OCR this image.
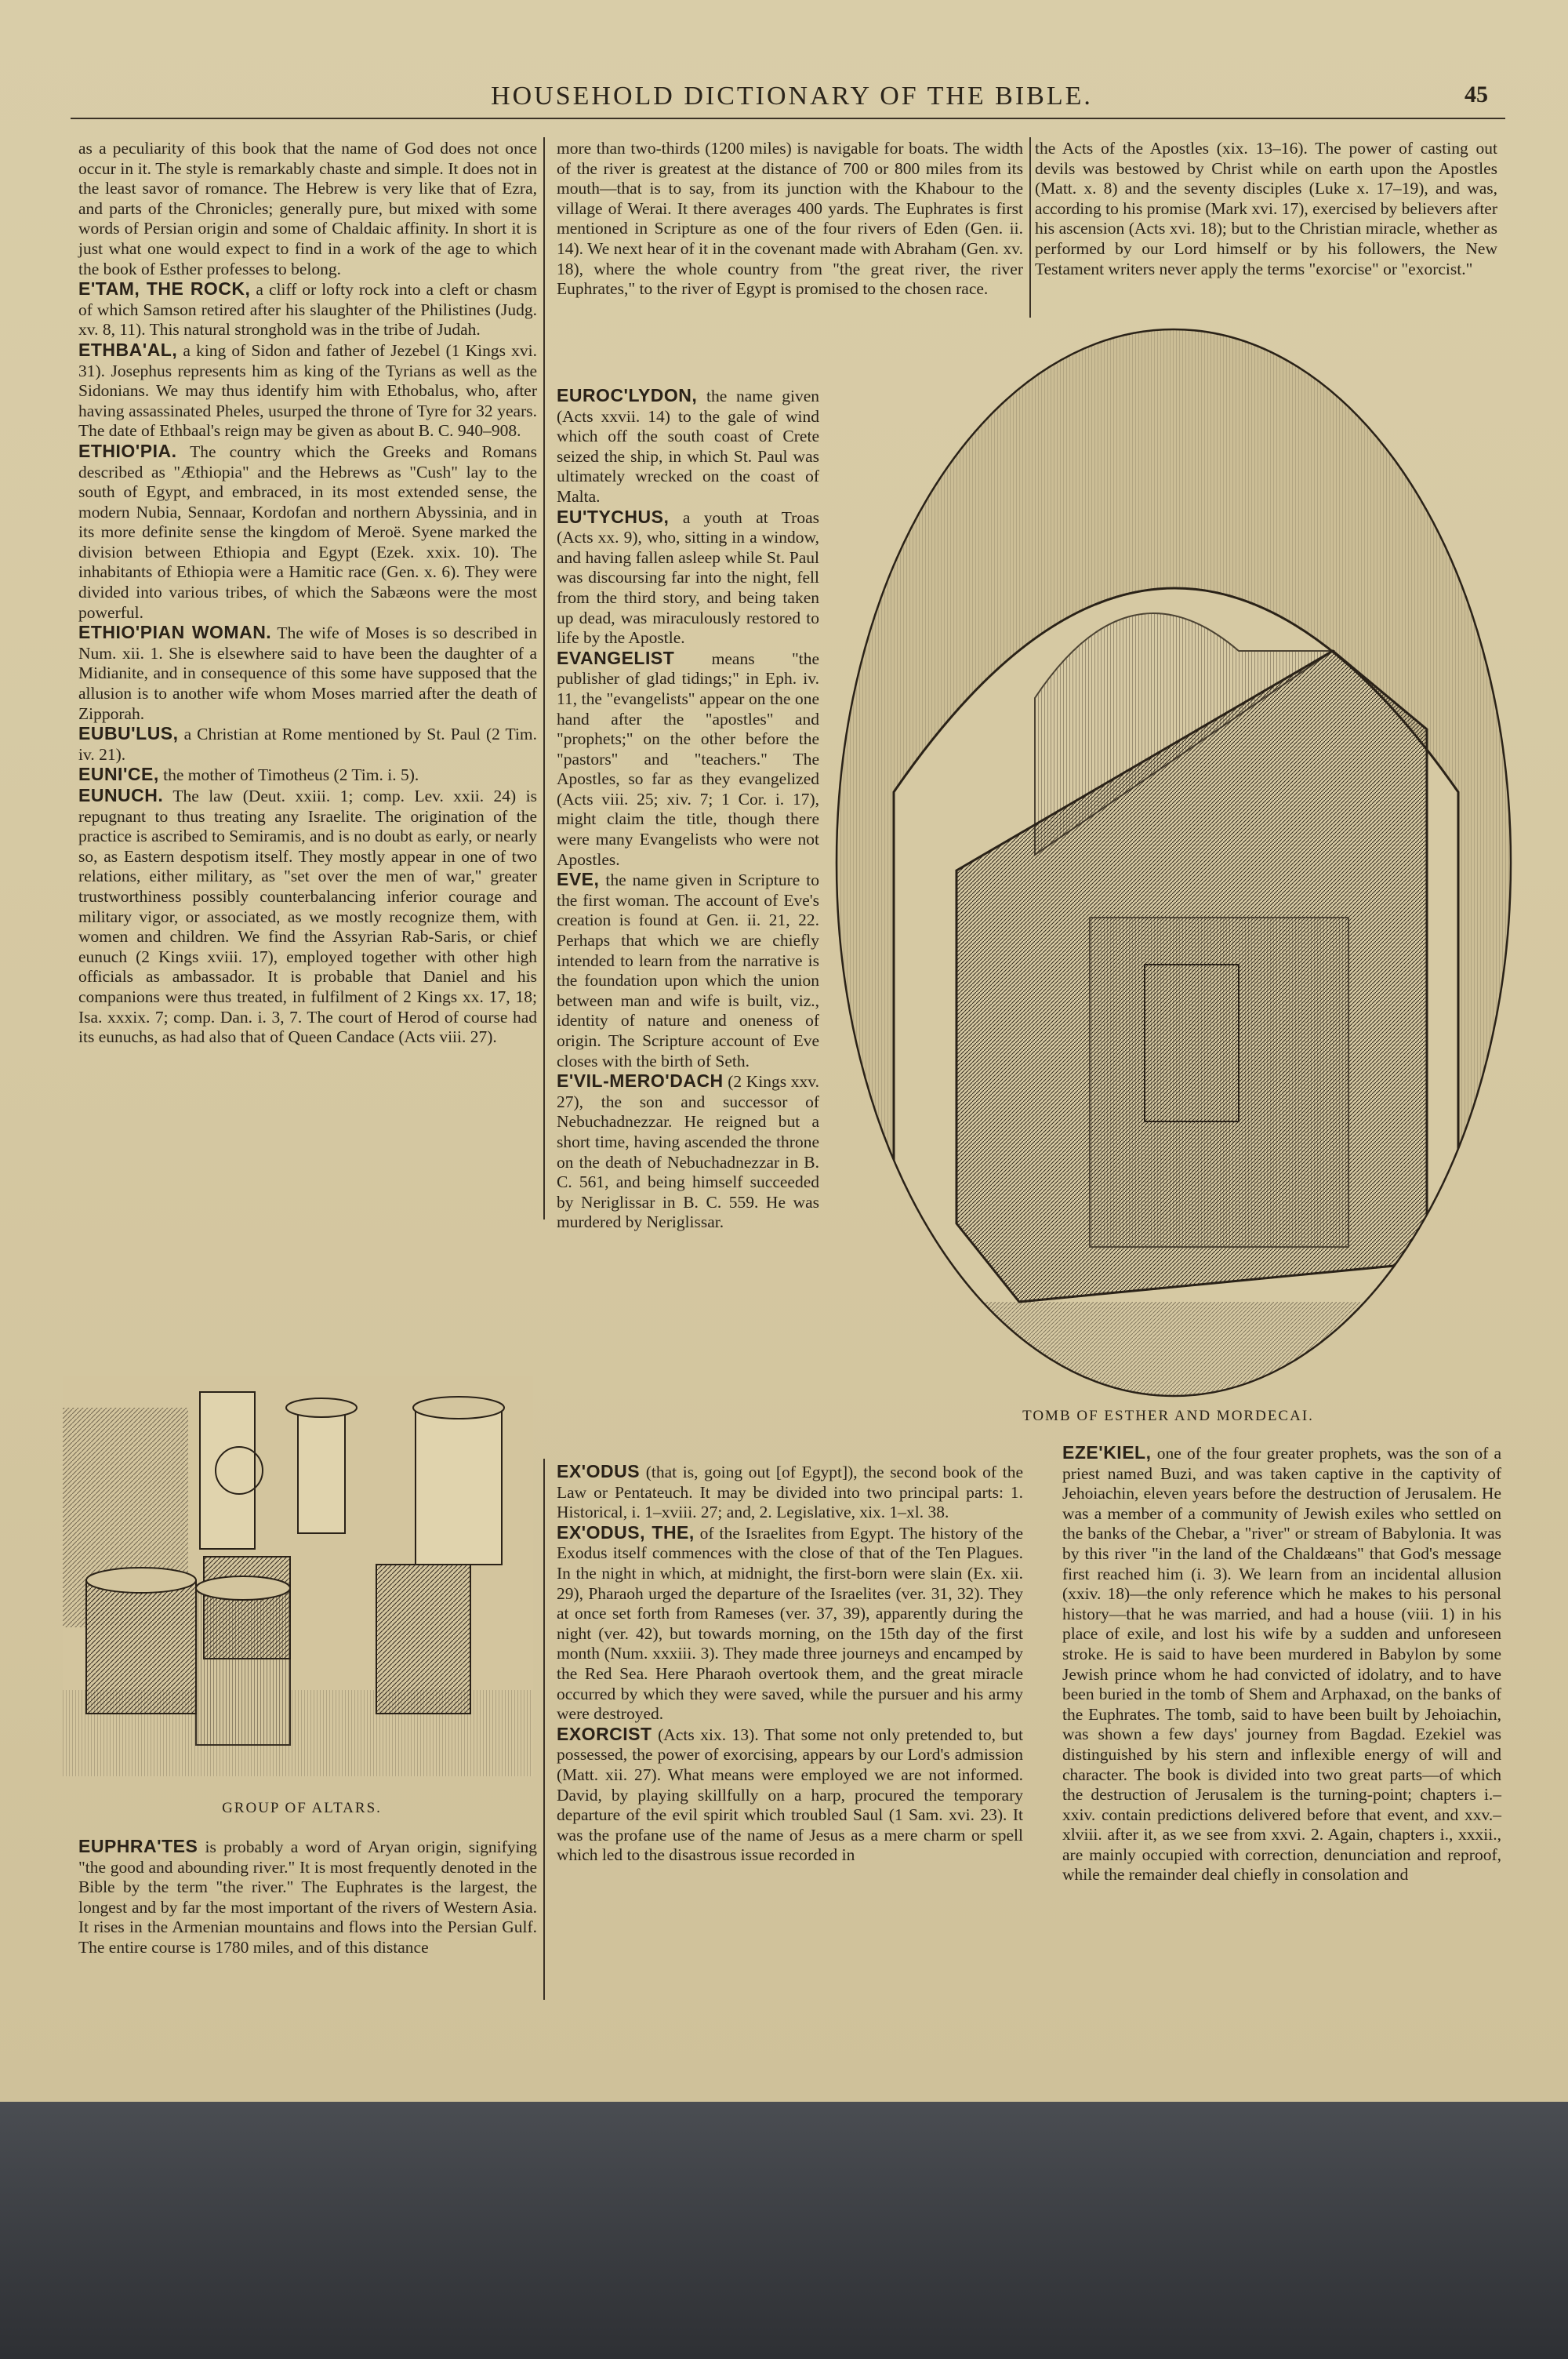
HOUSEHOLD DICTIONARY OF THE BIBLE.	45

as a peculiarity of this book that the name of God does not once occur in it. The style is remarkably chaste and simple. It does not in the least savor of romance. The Hebrew is very like that of Ezra, and parts of the Chronicles; generally pure, but mixed with some words of Persian origin and some of Chaldaic affinity. In short it is just what one would expect to find in a work of the age to which the book of Esther professes to belong.

E'TAM, THE ROCK, a cliff or lofty rock into a cleft or chasm of which Samson retired after his slaughter of the Philistines (Judg. xv. 8, 11). This natural stronghold was in the tribe of Judah.

ETHBA'AL, a king of Sidon and father of Jezebel (1 Kings xvi. 31). Josephus represents him as king of the Tyrians as well as the Sidonians. We may thus identify him with Ethobalus, who, after having assassinated Pheles, usurped the throne of Tyre for 32 years. The date of Ethbaal's reign may be given as about B. C. 940–908.

ETHIO'PIA. The country which the Greeks and Romans described as "Æthiopia" and the Hebrews as "Cush" lay to the south of Egypt, and embraced, in its most extended sense, the modern Nubia, Sennaar, Kordofan and northern Abyssinia, and in its more definite sense the kingdom of Meroë. Syene marked the division between Ethiopia and Egypt (Ezek. xxix. 10). The inhabitants of Ethiopia were a Hamitic race (Gen. x. 6). They were divided into various tribes, of which the Sabæons were the most powerful.

ETHIO'PIAN WOMAN. The wife of Moses is so described in Num. xii. 1. She is elsewhere said to have been the daughter of a Midianite, and in consequence of this some have supposed that the allusion is to another wife whom Moses married after the death of Zipporah.

EUBU'LUS, a Christian at Rome mentioned by St. Paul (2 Tim. iv. 21).

EUNI'CE, the mother of Timotheus (2 Tim. i. 5).

EUNUCH. The law (Deut. xxiii. 1; comp. Lev. xxii. 24) is repugnant to thus treating any Israelite. The origination of the practice is ascribed to Semiramis, and is no doubt as early, or nearly so, as Eastern despotism itself. They mostly appear in one of two relations, either military, as "set over the men of war," greater trustworthiness possibly counterbalancing inferior courage and military vigor, or associated, as we mostly recognize them, with women and children. We find the Assyrian Rab-Saris, or chief eunuch (2 Kings xviii. 17), employed together with other high officials as ambassador. It is probable that Daniel and his companions were thus treated, in fulfilment of 2 Kings xx. 17, 18; Isa. xxxix. 7; comp. Dan. i. 3, 7. The court of Herod of course had its eunuchs, as had also that of Queen Candace (Acts viii. 27).

EUPHRA'TES is probably a word of Aryan origin, signifying "the good and abounding river." It is most frequently denoted in the Bible by the term "the river." The Euphrates is the largest, the longest and by far the most important of the rivers of Western Asia. It rises in the Armenian mountains and flows into the Persian Gulf. The entire course is 1780 miles, and of this distance

more than two-thirds (1200 miles) is navigable for boats. The width of the river is greatest at the distance of 700 or 800 miles from its mouth—that is to say, from its junction with the Khabour to the village of Werai. It there averages 400 yards. The Euphrates is first mentioned in Scripture as one of the four rivers of Eden (Gen. ii. 14). We next hear of it in the covenant made with Abraham (Gen. xv. 18), where the whole country from "the great river, the river Euphrates," to the river of Egypt is promised to the chosen race.

EUROC'LYDON, the name given (Acts xxvii. 14) to the gale of wind which off the south coast of Crete seized the ship, in which St. Paul was ultimately wrecked on the coast of Malta.

EU'TYCHUS, a youth at Troas (Acts xx. 9), who, sitting in a window, and having fallen asleep while St. Paul was discoursing far into the night, fell from the third story, and being taken up dead, was miraculously restored to life by the Apostle.

EVANGELIST means "the publisher of glad tidings;" in Eph. iv. 11, the "evangelists" appear on the one hand after the "apostles" and "prophets;" on the other before the "pastors" and "teachers." The Apostles, so far as they evangelized (Acts viii. 25; xiv. 7; 1 Cor. i. 17), might claim the title, though there were many Evangelists who were not Apostles.

EVE, the name given in Scripture to the first woman. The account of Eve's creation is found at Gen. ii. 21, 22. Perhaps that which we are chiefly intended to learn from the narrative is the foundation upon which the union between man and wife is built, viz., identity of nature and oneness of origin. The Scripture account of Eve closes with the birth of Seth.

E'VIL-MERO'DACH (2 Kings xxv. 27), the son and successor of Nebuchadnezzar. He reigned but a short time, having ascended the throne on the death of Nebuchadnezzar in B. C. 561, and being himself succeeded by Neriglissar in B. C. 559. He was murdered by Neriglissar.

EX'ODUS (that is, going out [of Egypt]), the second book of the Law or Pentateuch. It may be divided into two principal parts: 1. Historical, i. 1–xviii. 27; and, 2. Legislative, xix. 1–xl. 38.

EX'ODUS, THE, of the Israelites from Egypt. The history of the Exodus itself commences with the close of that of the Ten Plagues. In the night in which, at midnight, the first-born were slain (Ex. xii. 29), Pharaoh urged the departure of the Israelites (ver. 31, 32). They at once set forth from Rameses (ver. 37, 39), apparently during the night (ver. 42), but towards morning, on the 15th day of the first month (Num. xxxiii. 3). They made three journeys and encamped by the Red Sea. Here Pharaoh overtook them, and the great miracle occurred by which they were saved, while the pursuer and his army were destroyed.

EXORCIST (Acts xix. 13). That some not only pretended to, but possessed, the power of exorcising, appears by our Lord's admission (Matt. xii. 27). What means were employed we are not informed. David, by playing skillfully on a harp, procured the temporary departure of the evil spirit which troubled Saul (1 Sam. xvi. 23). It was the profane use of the name of Jesus as a mere charm or spell which led to the disastrous issue recorded in

the Acts of the Apostles (xix. 13–16). The power of casting out devils was bestowed by Christ while on earth upon the Apostles (Matt. x. 8) and the seventy disciples (Luke x. 17–19), and was, according to his promise (Mark xvi. 17), exercised by believers after his ascension (Acts xvi. 18); but to the Christian miracle, whether as performed by our Lord himself or by his followers, the New Testament writers never apply the terms "exorcise" or "exorcist."

EZE'KIEL, one of the four greater prophets, was the son of a priest named Buzi, and was taken captive in the captivity of Jehoiachin, eleven years before the destruction of Jerusalem. He was a member of a community of Jewish exiles who settled on the banks of the Chebar, a "river" or stream of Babylonia. It was by this river "in the land of the Chaldæans" that God's message first reached him (i. 3). We learn from an incidental allusion (xxiv. 18)—the only reference which he makes to his personal history—that he was married, and had a house (viii. 1) in his place of exile, and lost his wife by a sudden and unforeseen stroke. He is said to have been murdered in Babylon by some Jewish prince whom he had convicted of idolatry, and to have been buried in the tomb of Shem and Arphaxad, on the banks of the Euphrates. The tomb, said to have been built by Jehoiachin, was shown a few days' journey from Bagdad. Ezekiel was distinguished by his stern and inflexible energy of will and character. The book is divided into two great parts—of which the destruction of Jerusalem is the turning-point; chapters i.–xxiv. contain predictions delivered before that event, and xxv.–xlviii. after it, as we see from xxvi. 2. Again, chapters i., xxxii., are mainly occupied with correction, denunciation and reproof, while the remainder deal chiefly in consolation and

GROUP OF ALTARS.
TOMB OF ESTHER AND MORDECAI.
